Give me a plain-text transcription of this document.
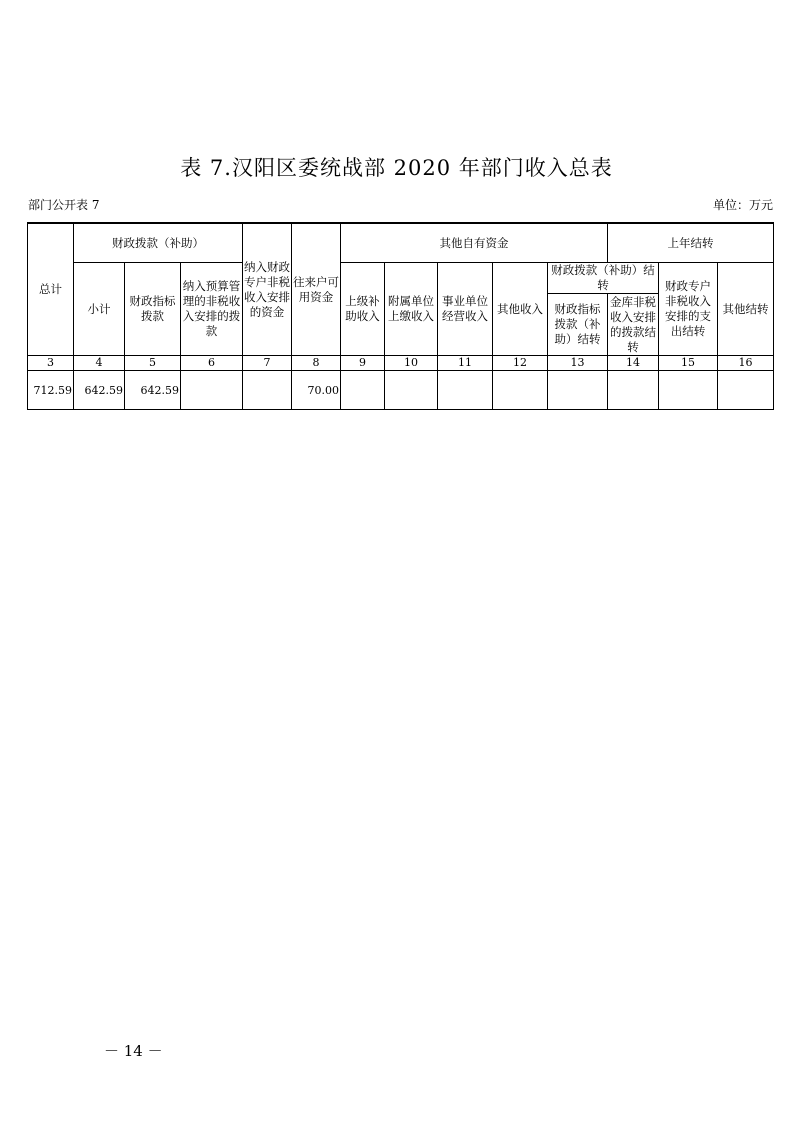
表 7.汉阳区委统战部 2020 年部门收入总表
部门公开表 7	单位：万元
总计	财政拨款（补助）			纳入财政专户非税收入安排的资金	往来户可用资金	其他自有资金					上年结转		
	小计	财政指标拨款	纳入预算管理的非税收入安排的拨款			上级补助收入	附属单位上缴收入	事业单位经营收入	其他收入	财政拨款（补助）结转		财政专户非税收入安排的支出结转	其他结转
										财政指标拨款（补助）结转	金库非税收入安排的拨款结转		
3	4	5	6	7	8	9	10	11	12	13	14	15	16
712.59	642.59	642.59			70.00								
－ 14 －
